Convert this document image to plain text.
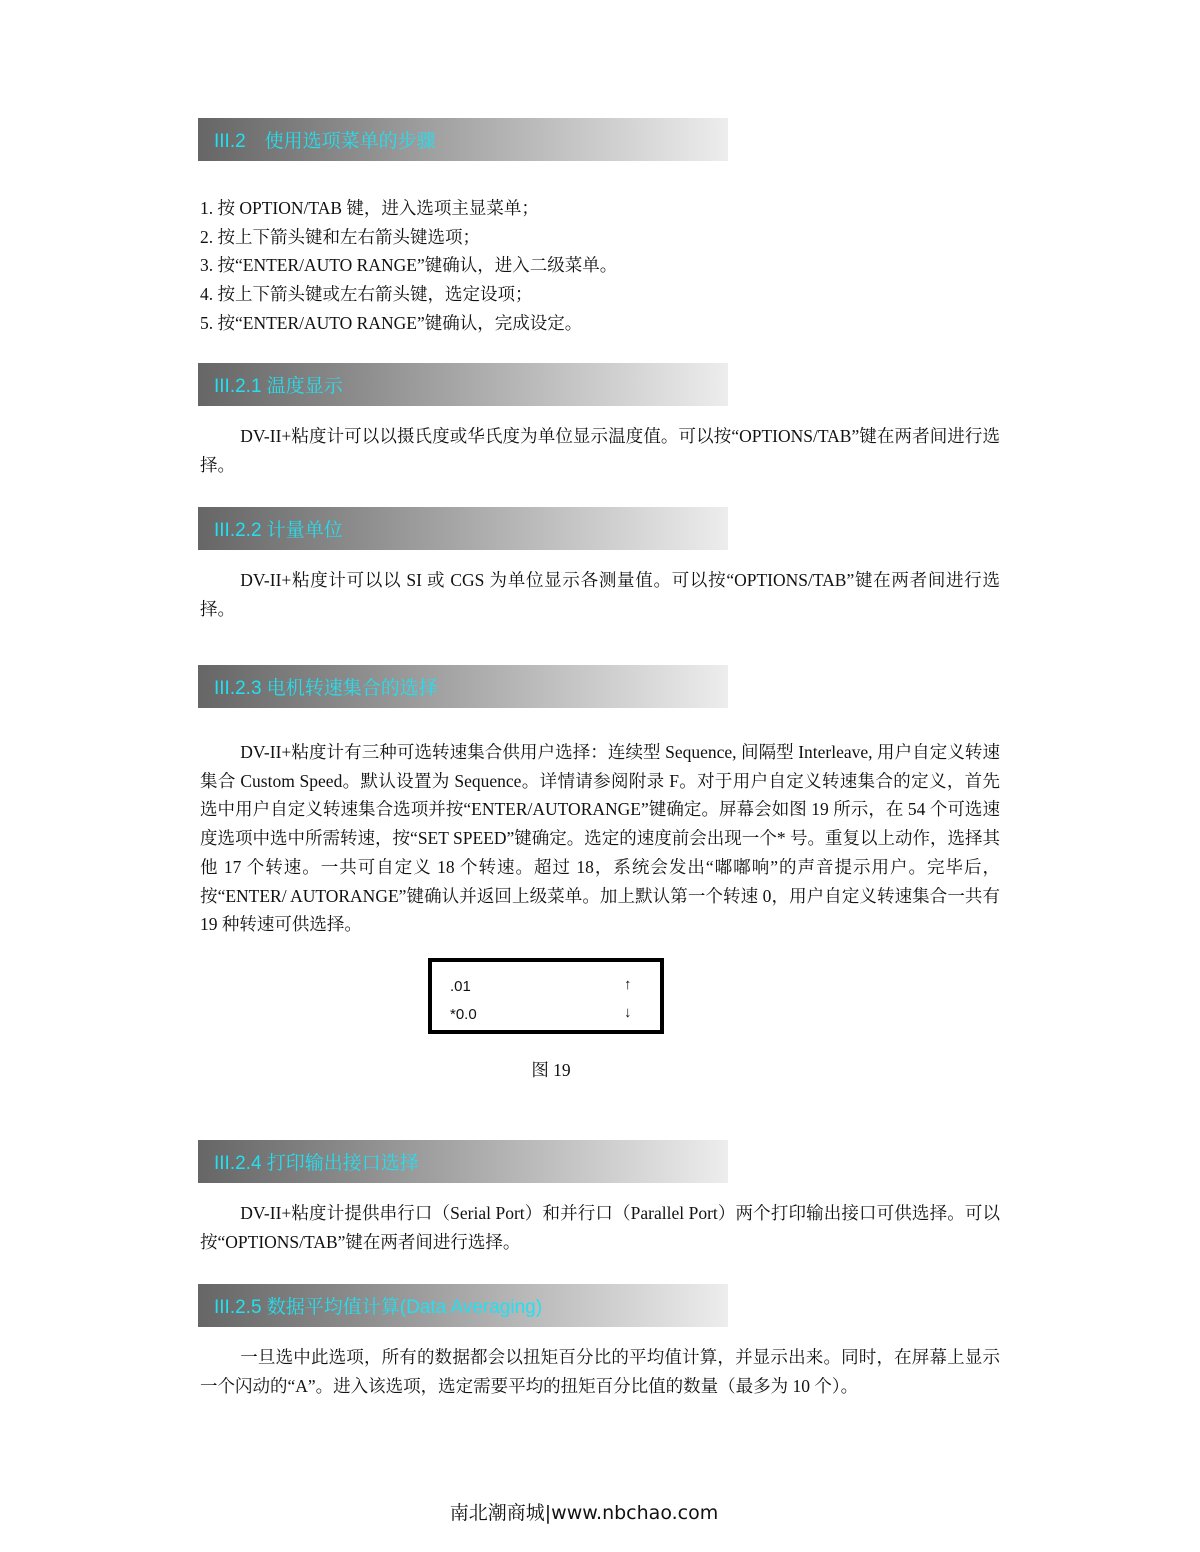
III.2　使用选项菜单的步骤
1. 按 OPTION/TAB 键，进入选项主显菜单；
2. 按上下箭头键和左右箭头键选项；
3. 按“ENTER/AUTO RANGE”键确认，进入二级菜单。
4. 按上下箭头键或左右箭头键，选定设项；
5. 按“ENTER/AUTO RANGE”键确认，完成设定。
III.2.1 温度显示

DV-II+粘度计可以以摄氏度或华氏度为单位显示温度值。可以按“OPTIONS/TAB”键在两者间进行选择。

III.2.2 计量单位

DV-II+粘度计可以以 SI 或 CGS 为单位显示各测量值。可以按“OPTIONS/TAB”键在两者间进行选择。

III.2.3 电机转速集合的选择

DV-II+粘度计有三种可选转速集合供用户选择：连续型 Sequence, 间隔型 Interleave, 用户自定义转速集合 Custom Speed。默认设置为 Sequence。详情请参阅附录 F。对于用户自定义转速集合的定义，首先选中用户自定义转速集合选项并按“ENTER/AUTORANGE”键确定。屏幕会如图 19 所示，在 54 个可选速度选项中选中所需转速，按“SET SPEED”键确定。选定的速度前会出现一个* 号。重复以上动作，选择其他 17 个转速。一共可自定义 18 个转速。超过 18，系统会发出“嘟嘟响”的声音提示用户。完毕后，按“ENTER/ AUTORANGE”键确认并返回上级菜单。加上默认第一个转速 0，用户自定义转速集合一共有 19 种转速可供选择。

.01
*0.0
↑
↓
图 19
III.2.4 打印输出接口选择

DV-II+粘度计提供串行口（Serial Port）和并行口（Parallel Port）两个打印输出接口可供选择。可以按“OPTIONS/TAB”键在两者间进行选择。

III.2.5 数据平均值计算(Data Averaging)

一旦选中此选项，所有的数据都会以扭矩百分比的平均值计算，并显示出来。同时，在屏幕上显示一个闪动的“A”。进入该选项，选定需要平均的扭矩百分比值的数量（最多为 10 个）。

南北潮商城|www.nbchao.com
